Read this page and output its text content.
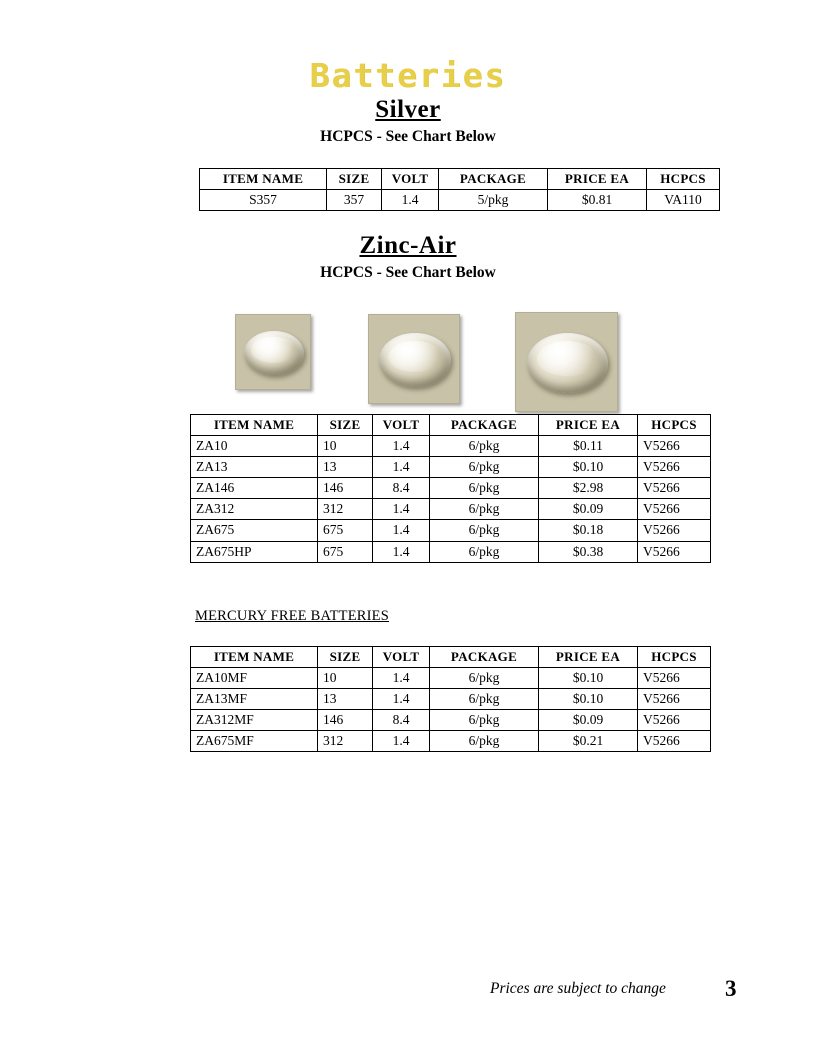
Batteries
Silver
HCPCS - See Chart Below
ITEM NAME	SIZE	VOLT	PACKAGE	PRICE EA	HCPCS
S357	357	1.4	5/pkg	$0.81	VA110
Zinc-Air
HCPCS - See Chart Below
ITEM NAME	SIZE	VOLT	PACKAGE	PRICE EA	HCPCS
ZA10	10	1.4	6/pkg	$0.11	V5266
ZA13	13	1.4	6/pkg	$0.10	V5266
ZA146	146	8.4	6/pkg	$2.98	V5266
ZA312	312	1.4	6/pkg	$0.09	V5266
ZA675	675	1.4	6/pkg	$0.18	V5266
ZA675HP	675	1.4	6/pkg	$0.38	V5266
MERCURY FREE BATTERIES
ITEM NAME	SIZE	VOLT	PACKAGE	PRICE EA	HCPCS
ZA10MF	10	1.4	6/pkg	$0.10	V5266
ZA13MF	13	1.4	6/pkg	$0.10	V5266
ZA312MF	146	8.4	6/pkg	$0.09	V5266
ZA675MF	312	1.4	6/pkg	$0.21	V5266
Prices are subject to change	3
